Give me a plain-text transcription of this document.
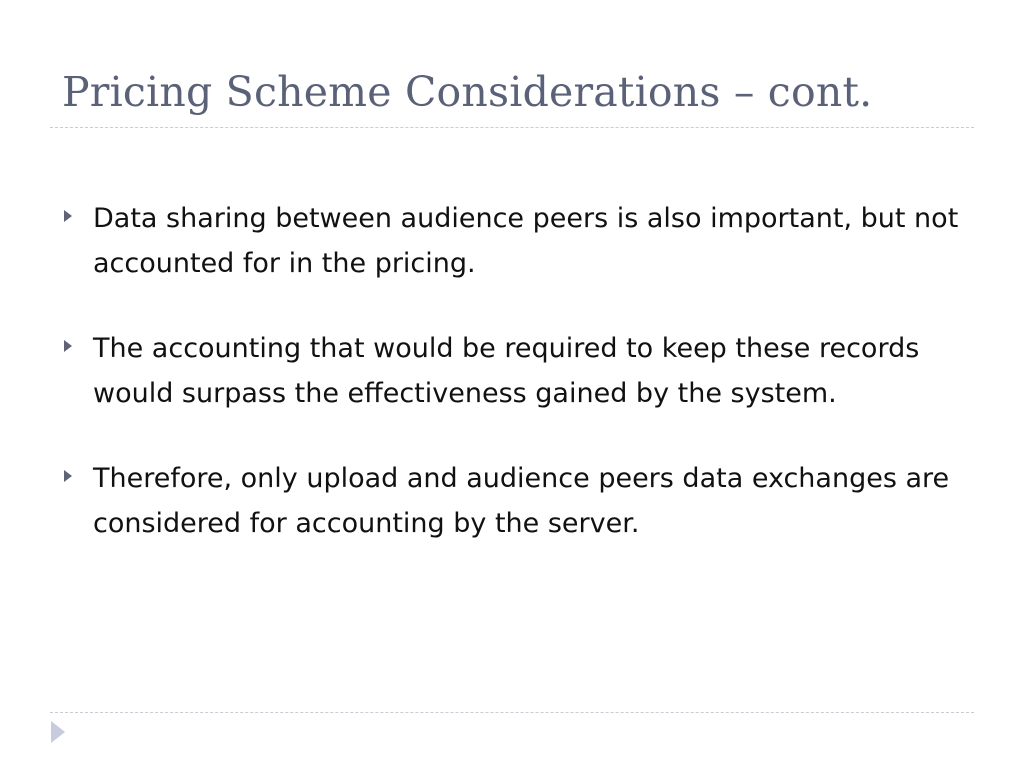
Pricing Scheme Considerations – cont.
Data sharing between audience peers is also important, but not accounted for in the pricing.
The accounting that would be required to keep these records would surpass the effectiveness gained by the system.
Therefore, only upload and audience peers data exchanges are considered for accounting by the server.
